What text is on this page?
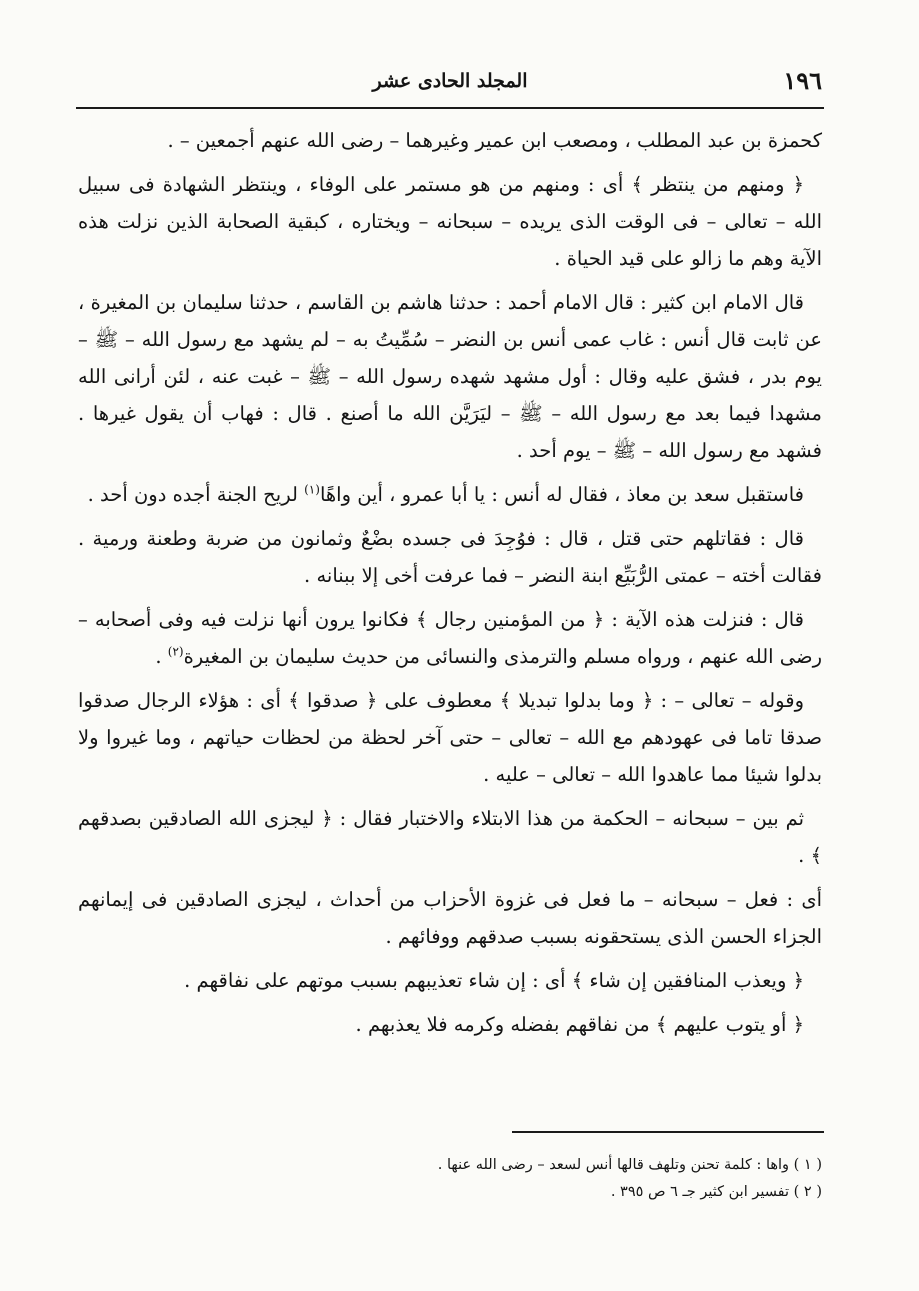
١٩٦
المجلد الحادى عشر

كحمزة بن عبد المطلب ، ومصعب ابن عمير وغيرهما – رضى الله عنهم أجمعين – .

﴿ ومنهم من ينتظر ﴾ أى : ومنهم من هو مستمر على الوفاء ، وينتظر الشهادة فى سبيل الله – تعالى – فى الوقت الذى يريده – سبحانه – ويختاره ، كبقية الصحابة الذين نزلت هذه الآية وهم ما زالو على قيد الحياة .

قال الامام ابن كثير : قال الامام أحمد : حدثنا هاشم بن القاسم ، حدثنا سليمان بن المغيرة ، عن ثابت قال أنس : غاب عمى أنس بن النضر – سُمِّيتُ به – لم يشهد مع رسول الله – ﷺ – يوم بدر ، فشق عليه وقال : أول مشهد شهده رسول الله – ﷺ – غبت عنه ، لئن أرانى الله مشهدا فيما بعد مع رسول الله – ﷺ – ليَرَيَّن الله ما أصنع . قال : فهاب أن يقول غيرها . فشهد مع رسول الله – ﷺ – يوم أحد .

فاستقبل سعد بن معاذ ، فقال له أنس : يا أبا عمرو ، أين واهًا$^{(١)}$ لريح الجنة أجده دون أحد .

قال : فقاتلهم حتى قتل ، قال : فوُجِدَ فى جسده بضْعٌ وثمانون من ضربة وطعنة ورمية . فقالت أخته – عمتى الرُّبَيِّع ابنة النضر – فما عرفت أخى إلا ببنانه .

قال : فنزلت هذه الآية : ﴿ من المؤمنين رجال ﴾ فكانوا يرون أنها نزلت فيه وفى أصحابه – رضى الله عنهم ، ورواه مسلم والترمذى والنسائى من حديث سليمان بن المغيرة$^{(٢)}$ .

وقوله – تعالى – : ﴿ وما بدلوا تبديلا ﴾ معطوف على ﴿ صدقوا ﴾ أى : هؤلاء الرجال صدقوا صدقا تاما فى عهودهم مع الله – تعالى – حتى آخر لحظة من لحظات حياتهم ، وما غيروا ولا بدلوا شيئا مما عاهدوا الله – تعالى – عليه .

ثم بين – سبحانه – الحكمة من هذا الابتلاء والاختبار فقال : ﴿ ليجزى الله الصادقين بصدقهم ﴾ .

أى : فعل – سبحانه – ما فعل فى غزوة الأحزاب من أحداث ، ليجزى الصادقين فى إيمانهم الجزاء الحسن الذى يستحقونه بسبب صدقهم ووفائهم .

﴿ ويعذب المنافقين إن شاء ﴾ أى : إن شاء تعذيبهم بسبب موتهم على نفاقهم .

﴿ أو يتوب عليهم ﴾ من نفاقهم بفضله وكرمه فلا يعذبهم .

( ١ ) واها : كلمة تحنن وتلهف قالها أنس لسعد – رضى الله عنها .

( ٢ ) تفسير ابن كثير جـ ٦ ص ٣٩٥ .
